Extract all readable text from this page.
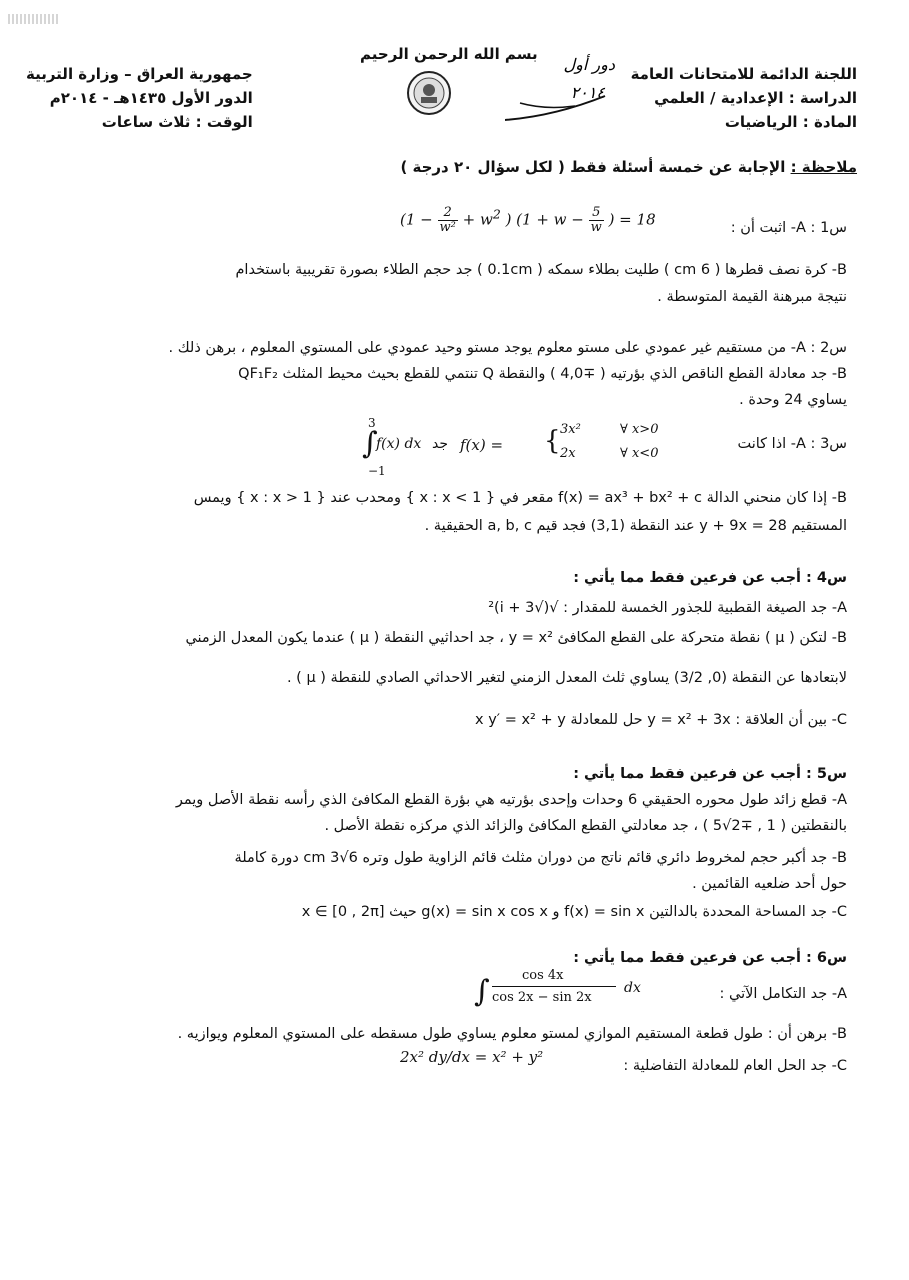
اللجنة الدائمة للامتحانات العامة
الدراسة : الإعدادية / العلمي
المادة : الرياضيات
بسم الله الرحمن الرحيم
دور أول
٢٠١٤
جمهورية العراق – وزارة التربية
الدور الأول ١٤٣٥هـ - ٢٠١٤م
الوقت : ثلاث ساعات
ملاحظة : الإجابة عن خمسة أسئلة فقط ( لكل سؤال ٢٠ درجة )
س1 : A- اثبت أن :
($1 - \frac{2}{\text{w²}} + w^2$ ) ($1 + w - \frac{5}{w}$ ) = 18
B- كرة نصف قطرها ( 6 cm ) طليت بطلاء سمكه ( 0.1cm ) جد حجم الطلاء بصورة تقريبية باستخدام
نتيجة مبرهنة القيمة المتوسطة .
س2 : A- من مستقيم غير عمودي على مستو معلوم يوجد مستو وحيد عمودي على المستوي المعلوم ، برهن ذلك .
B- جد معادلة القطع الناقص الذي بؤرتيه ( ∓4,0 ) والنقطة Q تنتمي للقطع بحيث محيط المثلث QF₁F₂
يساوي 24 وحدة .
س3 : A- اذا كانت
3
∫
−1
f(x) dx جد f(x) = { 3x²
2x
∀ x>0
∀ x<0
B- إذا كان منحني الدالة f(x) = ax³ + bx² + c مقعر في { x : x < 1 } ومحدب عند { x : x > 1 } ويمس
المستقيم y + 9x = 28 عند النقطة (3,1) فجد قيم a, b, c الحقيقية .
س4 : أجب عن فرعين فقط مما يأتي :
A- جد الصيغة القطبية للجذور الخمسة للمقدار : √(√3 + i)²
B- لتكن ( μ ) نقطة متحركة على القطع المكافئ y = x² ، جد احداثيي النقطة ( μ ) عندما يكون المعدل الزمني
لابتعادها عن النقطة (0, 3/2) يساوي ثلث المعدل الزمني لتغير الاحداثي الصادي للنقطة ( μ ) .
C- بين أن العلاقة : y = x² + 3x حل للمعادلة x y′ = x² + y
س5 : أجب عن فرعين فقط مما يأتي :
A- قطع زائد طول محوره الحقيقي 6 وحدات وإحدى بؤرتيه هي بؤرة القطع المكافئ الذي رأسه نقطة الأصل ويمر
بالنقطتين ( 1 , ∓2√5 ) ، جد معادلتي القطع المكافئ والزائد الذي مركزه نقطة الأصل .
B- جد أكبر حجم لمخروط دائري قائم ناتج من دوران مثلث قائم الزاوية طول وتره 6√3 cm دورة كاملة
حول أحد ضلعيه القائمين .
C- جد المساحة المحددة بالدالتين f(x) = sin x و g(x) = sin x cos x حيث x ∈ [0 , 2π]
س6 : أجب عن فرعين فقط مما يأتي :
A- جد التكامل الآتي :
∫ cos 4x
cos 2x − sin 2x
dx
B- برهن أن : طول قطعة المستقيم الموازي لمستو معلوم يساوي طول مسقطه على المستوي المعلوم ويوازيه .
C- جد الحل العام للمعادلة التفاضلية :
2x² dy/dx = x² + y²
